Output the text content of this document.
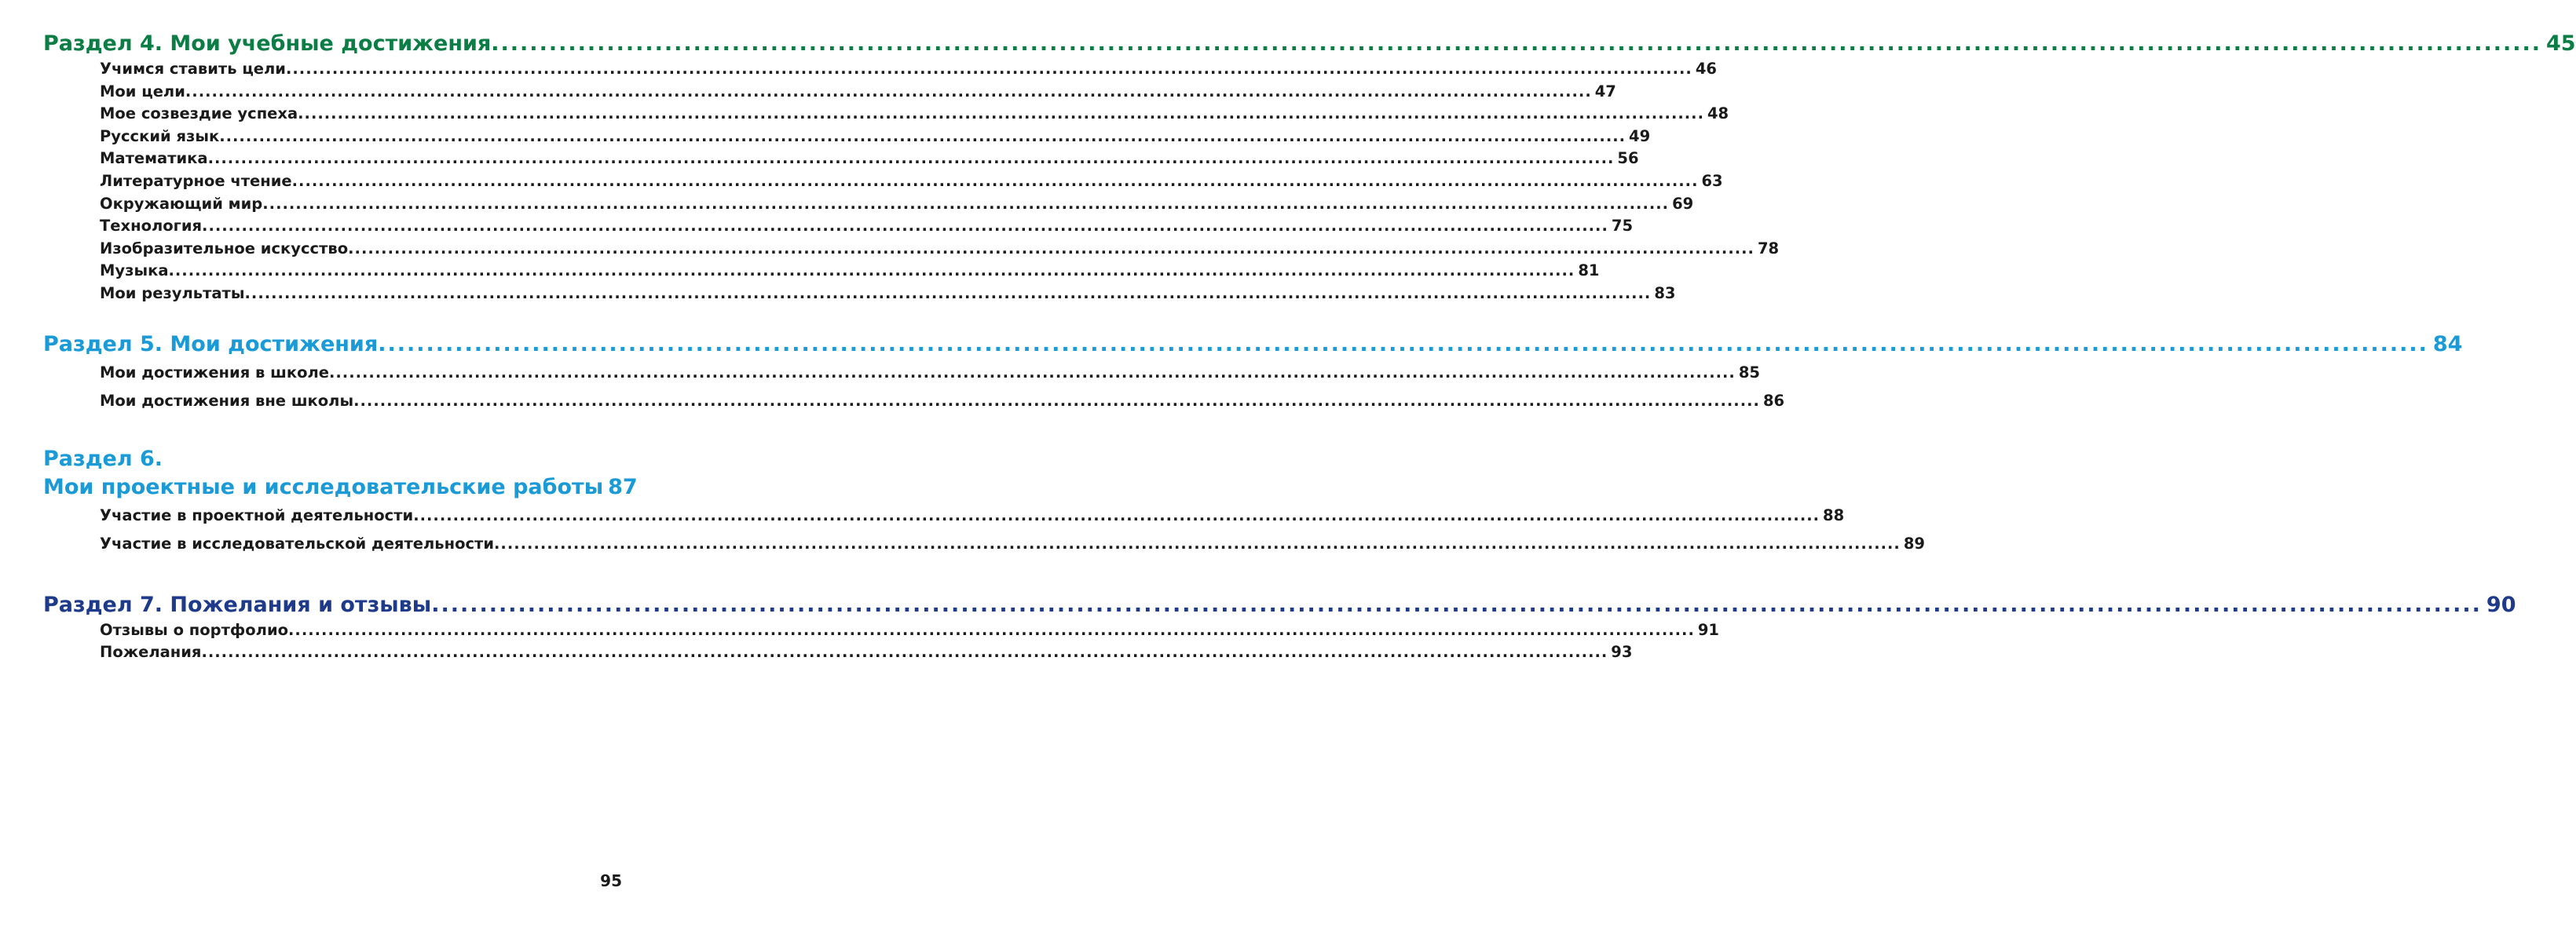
Раздел 4. Мои учебные достижения .....	45
Учимся ставить цели .....	46
Мои цели .....	47
Мое созвездие успеха .....	48
Русский язык .....	49
Математика .....	56
Литературное чтение .....	63
Окружающий мир .....	69
Технология .....	75
Изобразительное искусство .....	78
Музыка .....	81
Мои результаты .....	83
Раздел 5. Мои достижения .....	84
Мои достижения в школе .....	85
Мои достижения вне школы .....	86
Раздел 6.
Мои проектные и исследовательские работы 87
Участие в проектной деятельности .....	88
Участие в исследовательской деятельности .....	89
Раздел 7. Пожелания и отзывы .....	90
Отзывы о портфолио .....	91
Пожелания .....	93
95
